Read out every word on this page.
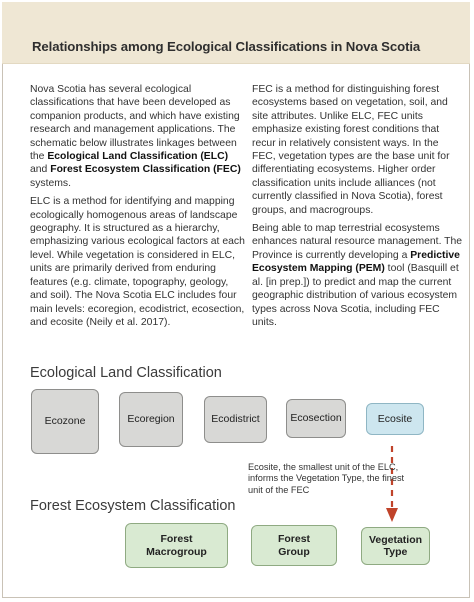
Relationships among Ecological Classifications in Nova Scotia

Nova Scotia has several ecological classifications that have been developed as companion products, and which have existing research and management applications. The schematic below illustrates linkages between the Ecological Land Classification (ELC) and Forest Ecosystem Classification (FEC) systems.

ELC is a method for identifying and mapping ecologically homogenous areas of landscape geography. It is structured as a hierarchy, emphasizing various ecological factors at each level. While vegetation is considered in ELC, units are primarily derived from enduring features (e.g. climate, topography, geology, and soil). The Nova Scotia ELC includes four main levels: ecoregion, ecodistrict, ecosection, and ecosite (Neily et al. 2017).

FEC is a method for distinguishing forest ecosystems based on vegetation, soil, and site attributes. Unlike ELC, FEC units emphasize existing forest conditions that recur in relatively consistent ways. In the FEC, vegetation types are the base unit for differentiating ecosystems. Higher order classification units include alliances (not currently classified in Nova Scotia), forest groups, and macrogroups.

Being able to map terrestrial ecosystems enhances natural resource management. The Province is currently developing a Predictive Ecosystem Mapping (PEM) tool (Basquill et al. [in prep.]) to predict and map the current geographic distribution of various ecosystem types across Nova Scotia, including FEC units.

Ecological Land Classification
Ecozone	Ecoregion	Ecodistrict	Ecosection	Ecosite
Ecosite, the smallest unit of the ELC, informs the Vegetation Type, the finest unit of the FEC
Forest Ecosystem Classification
Forest
Macrogroup
Forest
Group
Vegetation
Type
